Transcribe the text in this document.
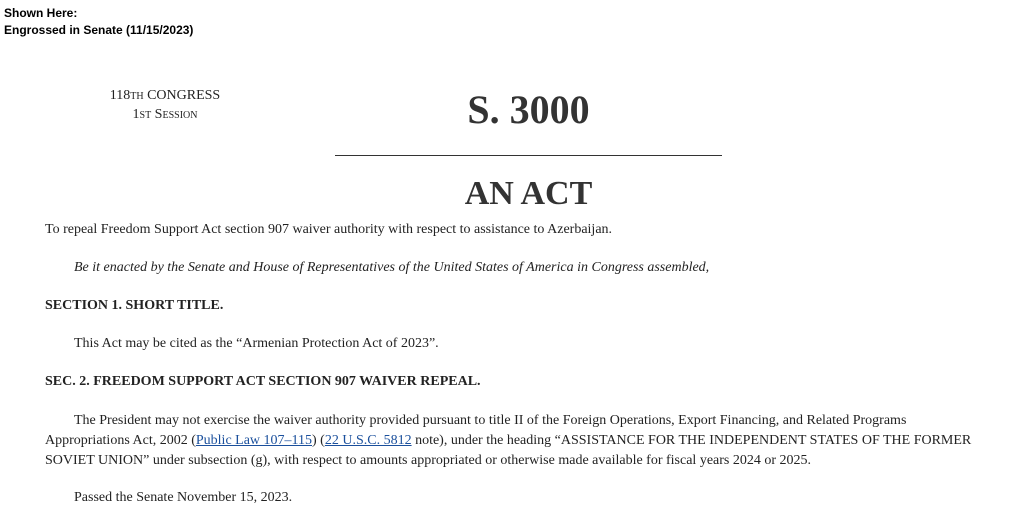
Shown Here:
Engrossed in Senate (11/15/2023)
118th CONGRESS
1st Session	S. 3000
AN ACT

To repeal Freedom Support Act section 907 waiver authority with respect to assistance to Azerbaijan.

Be it enacted by the Senate and House of Representatives of the United States of America in Congress assembled,

SECTION 1. SHORT TITLE.

This Act may be cited as the “Armenian Protection Act of 2023”.

SEC. 2. FREEDOM SUPPORT ACT SECTION 907 WAIVER REPEAL.

The President may not exercise the waiver authority provided pursuant to title II of the Foreign Operations, Export Financing, and Related Programs Appropriations Act, 2002 (Public Law 107–115) (22 U.S.C. 5812 note), under the heading “ASSISTANCE FOR THE INDEPENDENT STATES OF THE FORMER SOVIET UNION” under subsection (g), with respect to amounts appropriated or otherwise made available for fiscal years 2024 or 2025.

Passed the Senate November 15, 2023.
